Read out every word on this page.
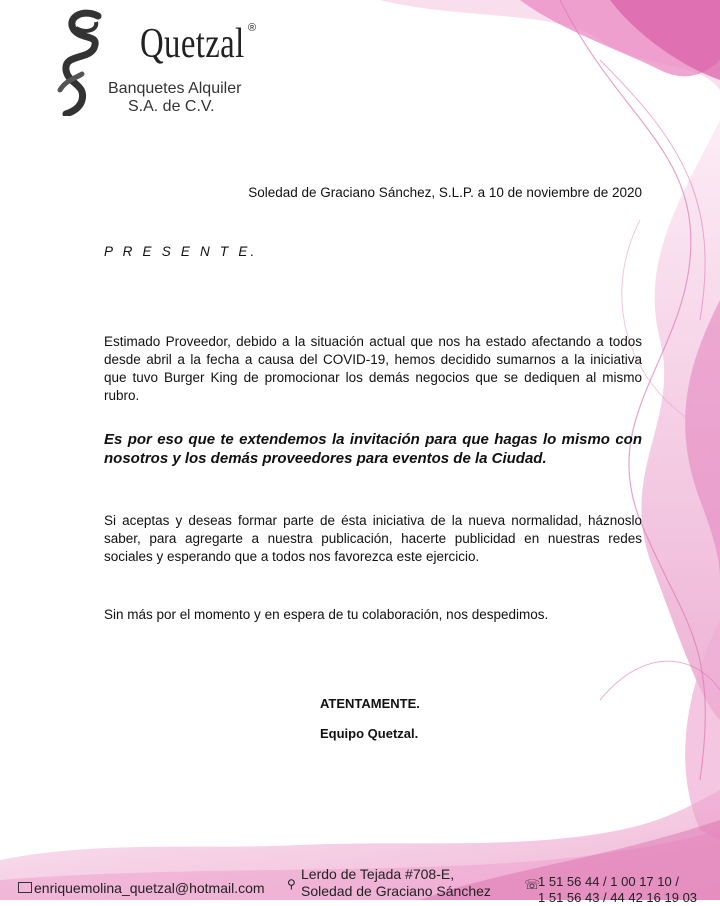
Quetzal ®
Banquetes Alquiler
S.A. de C.V.
Soledad de Graciano Sánchez, S.L.P. a 10 de noviembre de 2020
P R E S E N T E.

Estimado Proveedor, debido a la situación actual que nos ha estado afectando a todos desde abril a la fecha a causa del COVID-19, hemos decidido sumarnos a la iniciativa que tuvo Burger King de promocionar los demás negocios que se dediquen al mismo rubro.

Es por eso que te extendemos la invitación para que hagas lo mismo con nosotros y los demás proveedores para eventos de la Ciudad.

Si aceptas y deseas formar parte de ésta iniciativa de la nueva normalidad, háznoslo saber, para agregarte a nuestra publicación, hacerte publicidad en nuestras redes sociales y esperando que a todos nos favorezca este ejercicio.

Sin más por el momento y en espera de tu colaboración, nos despedimos.

ATENTAMENTE.
Equipo Quetzal.
enriquemolina_quetzal@hotmail.com ⚲
Lerdo de Tejada #708-E,
Soledad de Graciano Sánchez	☏
1 51 56 44 / 1 00 17 10 /
1 51 56 43 / 44 42 16 19 03
